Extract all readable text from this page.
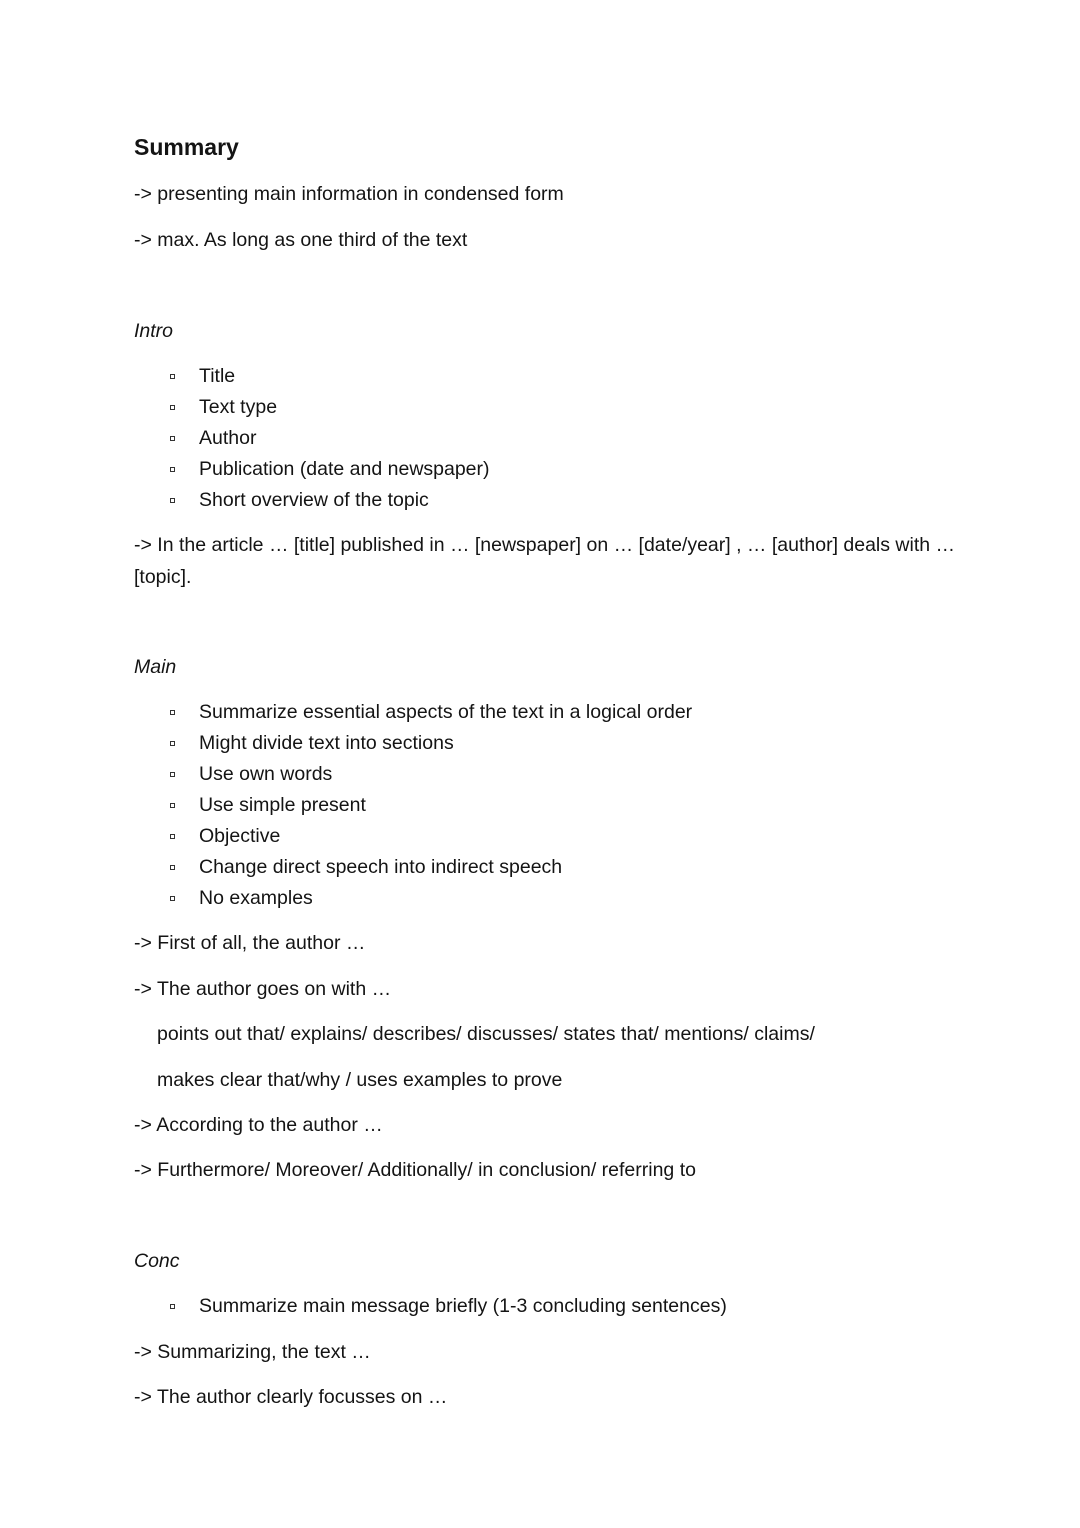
Summary
-> presenting main information in condensed form
-> max. As long as one third of the text
Intro
Title
Text type
Author
Publication (date and newspaper)
Short overview of the topic
-> In the article … [title] published in … [newspaper] on … [date/year] , … [author] deals with … [topic].
Main
Summarize essential aspects of the text in a logical order
Might divide text into sections
Use own words
Use simple present
Objective
Change direct speech into indirect speech
No examples
-> First of all, the author …
-> The author goes on with …
points out that/ explains/ describes/ discusses/ states that/ mentions/ claims/
makes clear that/why / uses examples to prove
-> According to the author …
-> Furthermore/ Moreover/ Additionally/ in conclusion/ referring to
Conc
Summarize main message briefly (1-3 concluding sentences)
-> Summarizing, the text …
-> The author clearly focusses on …
